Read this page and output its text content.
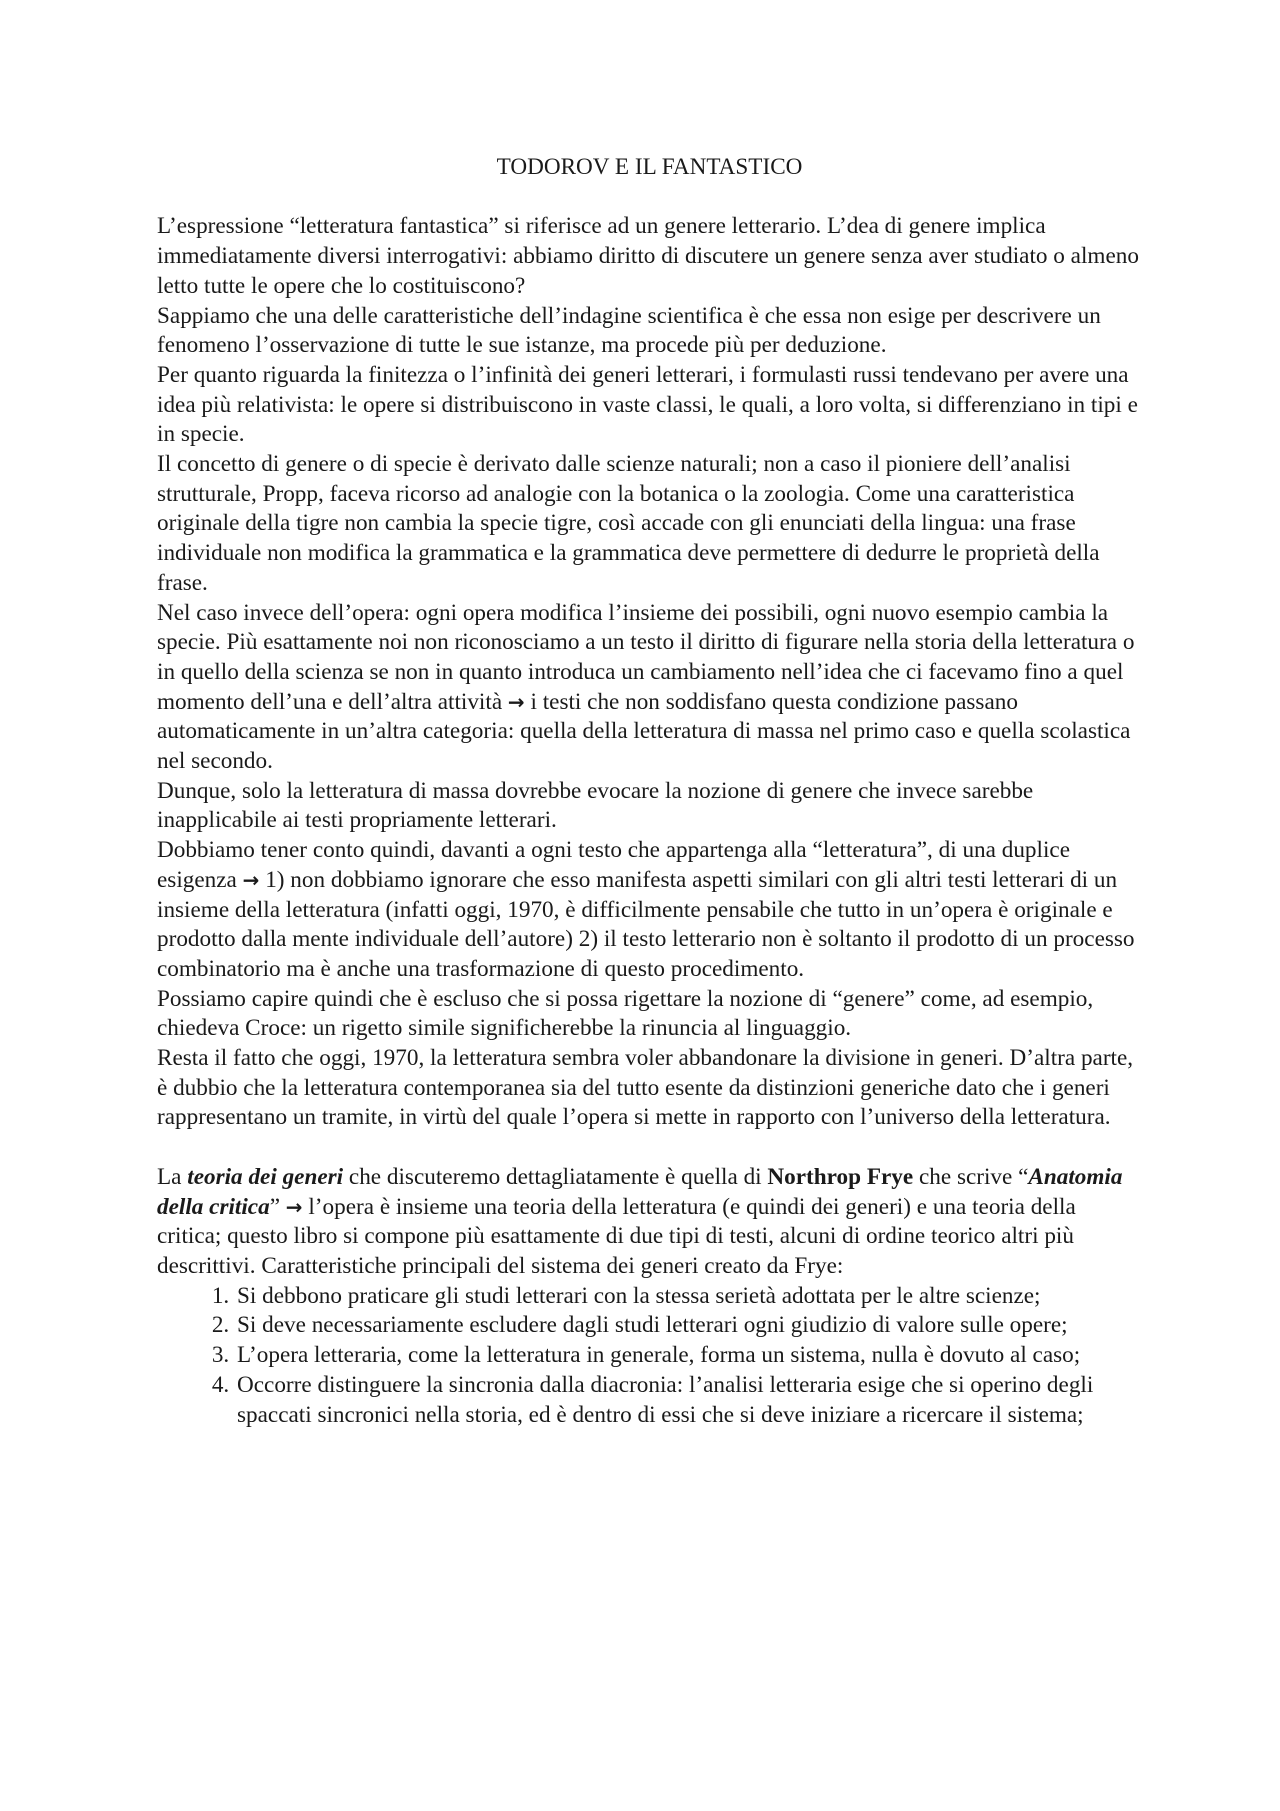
TODOROV E IL FANTASTICO

L’espressione “letteratura fantastica” si riferisce ad un genere letterario. L’dea di genere implica immediatamente diversi interrogativi: abbiamo diritto di discutere un genere senza aver studiato o almeno letto tutte le opere che lo costituiscono?

Sappiamo che una delle caratteristiche dell’indagine scientifica è che essa non esige per descrivere un fenomeno l’osservazione di tutte le sue istanze, ma procede più per deduzione.

Per quanto riguarda la finitezza o l’infinità dei generi letterari, i formulasti russi tendevano per avere una idea più relativista: le opere si distribuiscono in vaste classi, le quali, a loro volta, si differenziano in tipi e in specie.

Il concetto di genere o di specie è derivato dalle scienze naturali; non a caso il pioniere dell’analisi strutturale, Propp, faceva ricorso ad analogie con la botanica o la zoologia. Come una caratteristica originale della tigre non cambia la specie tigre, così accade con gli enunciati della lingua: una frase individuale non modifica la grammatica e la grammatica deve permettere di dedurre le proprietà della frase.

Nel caso invece dell’opera: ogni opera modifica l’insieme dei possibili, ogni nuovo esempio cambia la specie. Più esattamente noi non riconosciamo a un testo il diritto di figurare nella storia della letteratura o in quello della scienza se non in quanto introduca un cambiamento nell’idea che ci facevamo fino a quel momento dell’una e dell’altra attività → i testi che non soddisfano questa condizione passano automaticamente in un’altra categoria: quella della letteratura di massa nel primo caso e quella scolastica nel secondo.

Dunque, solo la letteratura di massa dovrebbe evocare la nozione di genere che invece sarebbe inapplicabile ai testi propriamente letterari.

Dobbiamo tener conto quindi, davanti a ogni testo che appartenga alla “letteratura”, di una duplice esigenza → 1) non dobbiamo ignorare che esso manifesta aspetti similari con gli altri testi letterari di un insieme della letteratura (infatti oggi, 1970, è difficilmente pensabile che tutto in un’opera è originale e prodotto dalla mente individuale dell’autore) 2) il testo letterario non è soltanto il prodotto di un processo combinatorio ma è anche una trasformazione di questo procedimento.

Possiamo capire quindi che è escluso che si possa rigettare la nozione di “genere” come, ad esempio, chiedeva Croce: un rigetto simile significherebbe la rinuncia al linguaggio.

Resta il fatto che oggi, 1970, la letteratura sembra voler abbandonare la divisione in generi. D’altra parte, è dubbio che la letteratura contemporanea sia del tutto esente da distinzioni generiche dato che i generi rappresentano un tramite, in virtù del quale l’opera si mette in rapporto con l’universo della letteratura.

La teoria dei generi che discuteremo dettagliatamente è quella di Northrop Frye che scrive “Anatomia della critica” → l’opera è insieme una teoria della letteratura (e quindi dei generi) e una teoria della critica; questo libro si compone più esattamente di due tipi di testi, alcuni di ordine teorico altri più descrittivi. Caratteristiche principali del sistema dei generi creato da Frye:

1. Si debbono praticare gli studi letterari con la stessa serietà adottata per le altre scienze;
2. Si deve necessariamente escludere dagli studi letterari ogni giudizio di valore sulle opere;
3. L’opera letteraria, come la letteratura in generale, forma un sistema, nulla è dovuto al caso;
4. Occorre distinguere la sincronia dalla diacronia: l’analisi letteraria esige che si operino degli spaccati sincronici nella storia, ed è dentro di essi che si deve iniziare a ricercare il sistema;
